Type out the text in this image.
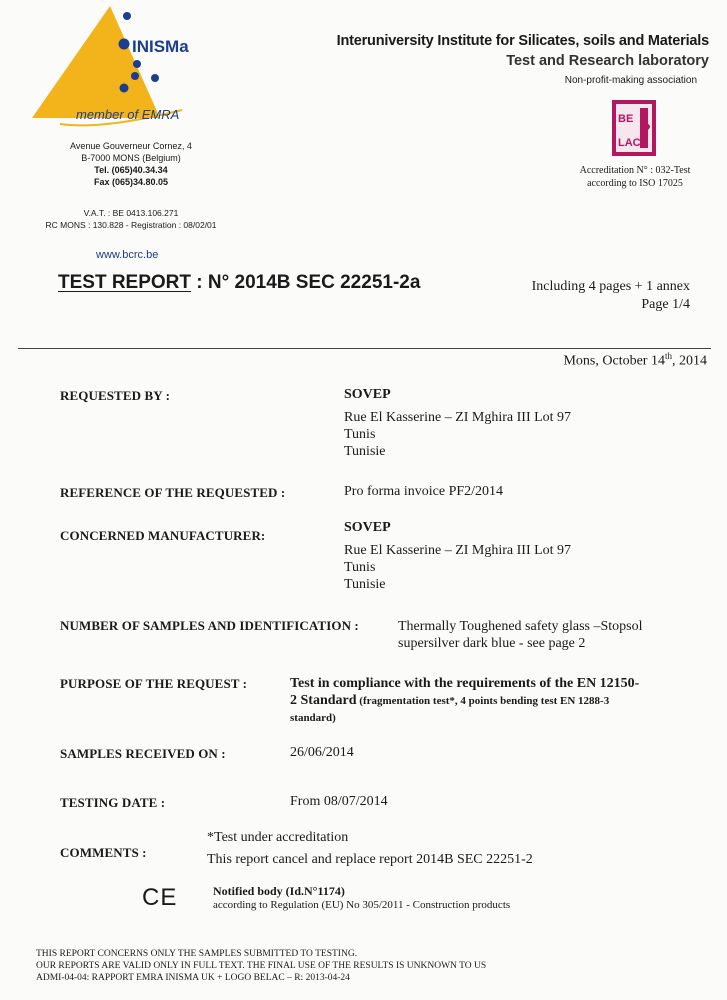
INISMa
member of EMRA
Avenue Gouverneur Cornez, 4
B-7000 MONS (Belgium)
Tel. (065)40.34.34
Fax (065)34.80.05
V.A.T. : BE 0413.106.271
RC MONS : 130.828 - Registration : 08/02/01
www.bcrc.be
Interuniversity Institute for Silicates, soils and Materials
Test and Research laboratory
Non-profit-making association
BE
LAC
Accreditation N° : 032-Test
according to ISO 17025
TEST REPORT : N° 2014B SEC 22251-2a	Including 4 pages + 1 annex
Page 1/4
Mons, October 14th, 2014
REQUESTED BY :	SOVEP
Rue El Kasserine – ZI Mghira III Lot 97
Tunis
Tunisie
REFERENCE OF THE REQUESTED :	Pro forma invoice PF2/2014
CONCERNED MANUFACTURER:
SOVEP
Rue El Kasserine – ZI Mghira III Lot 97
Tunis
Tunisie
NUMBER OF SAMPLES AND IDENTIFICATION :	Thermally Toughened safety glass –Stopsol
supersilver dark blue - see page 2
PURPOSE OF THE REQUEST :	Test in compliance with the requirements of the EN 12150-
2 Standard (fragmentation test*, 4 points bending test EN 1288-3
standard)
SAMPLES RECEIVED ON :	26/06/2014
TESTING DATE :	From 08/07/2014
COMMENTS :
*Test under accreditation
This report cancel and replace report 2014B SEC 22251-2
CE	Notified body (Id.N°1174)
according to Regulation (EU) No 305/2011 - Construction products
THIS REPORT CONCERNS ONLY THE SAMPLES SUBMITTED TO TESTING.
OUR REPORTS ARE VALID ONLY IN FULL TEXT. THE FINAL USE OF THE RESULTS IS UNKNOWN TO US
ADMI-04-04: RAPPORT EMRA INISMA UK + LOGO BELAC – R: 2013-04-24
